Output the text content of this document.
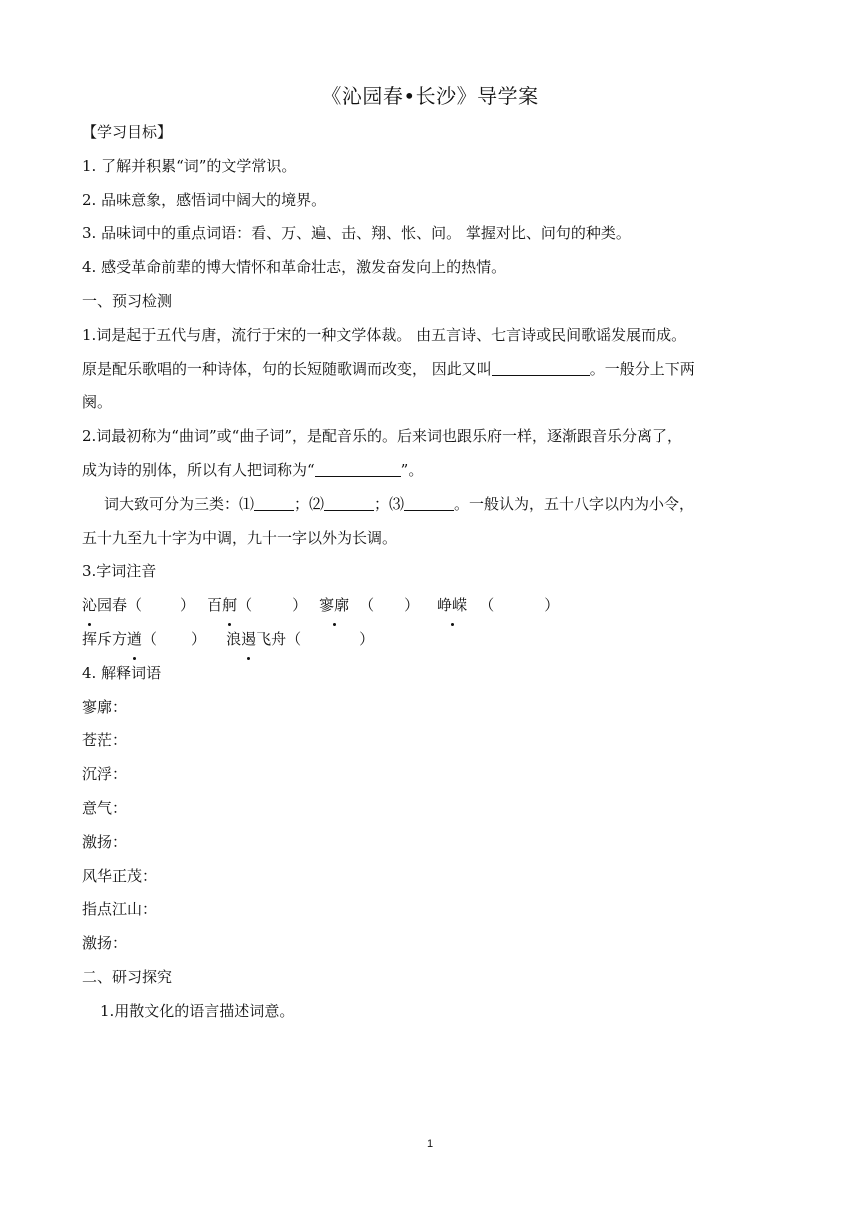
《沁园春•长沙》导学案
【学习目标】
1. 了解并积累“词”的文学常识。
2. 品味意象，感悟词中阔大的境界。
3. 品味词中的重点词语：看、万、遍、击、翔、怅、问。 掌握对比、问句的种类。
4. 感受革命前辈的博大情怀和革命壮志，激发奋发向上的热情。
一、预习检测
1.词是起于五代与唐，流行于宋的一种文学体裁。 由五言诗、七言诗或民间歌谣发展而成。
原是配乐歌唱的一种诗体，句的长短随歌调而改变， 因此又叫	。一般分上下两
阕。
2.词最初称为“曲词”或“曲子词”，是配音乐的。后来词也跟乐府一样，逐渐跟音乐分离了，
成为诗的别体，所以有人把词称为“	”。
词大致可分为三类：⑴	；⑵	；⑶	。一般认为，五十八字以内为小令，
五十九至九十字为中调，九十一字以外为长调。
3.字词注音
沁园春（	） 百舸（	） 寥廓 （ ） 峥嵘 （	）
挥斥方遒（ ） 浪遏飞舟（	）
4. 解释词语
寥廓：
苍茫：
沉浮：
意气：
激扬：
风华正茂：
指点江山：
激扬：
二、研习探究
1.用散文化的语言描述词意。
1
